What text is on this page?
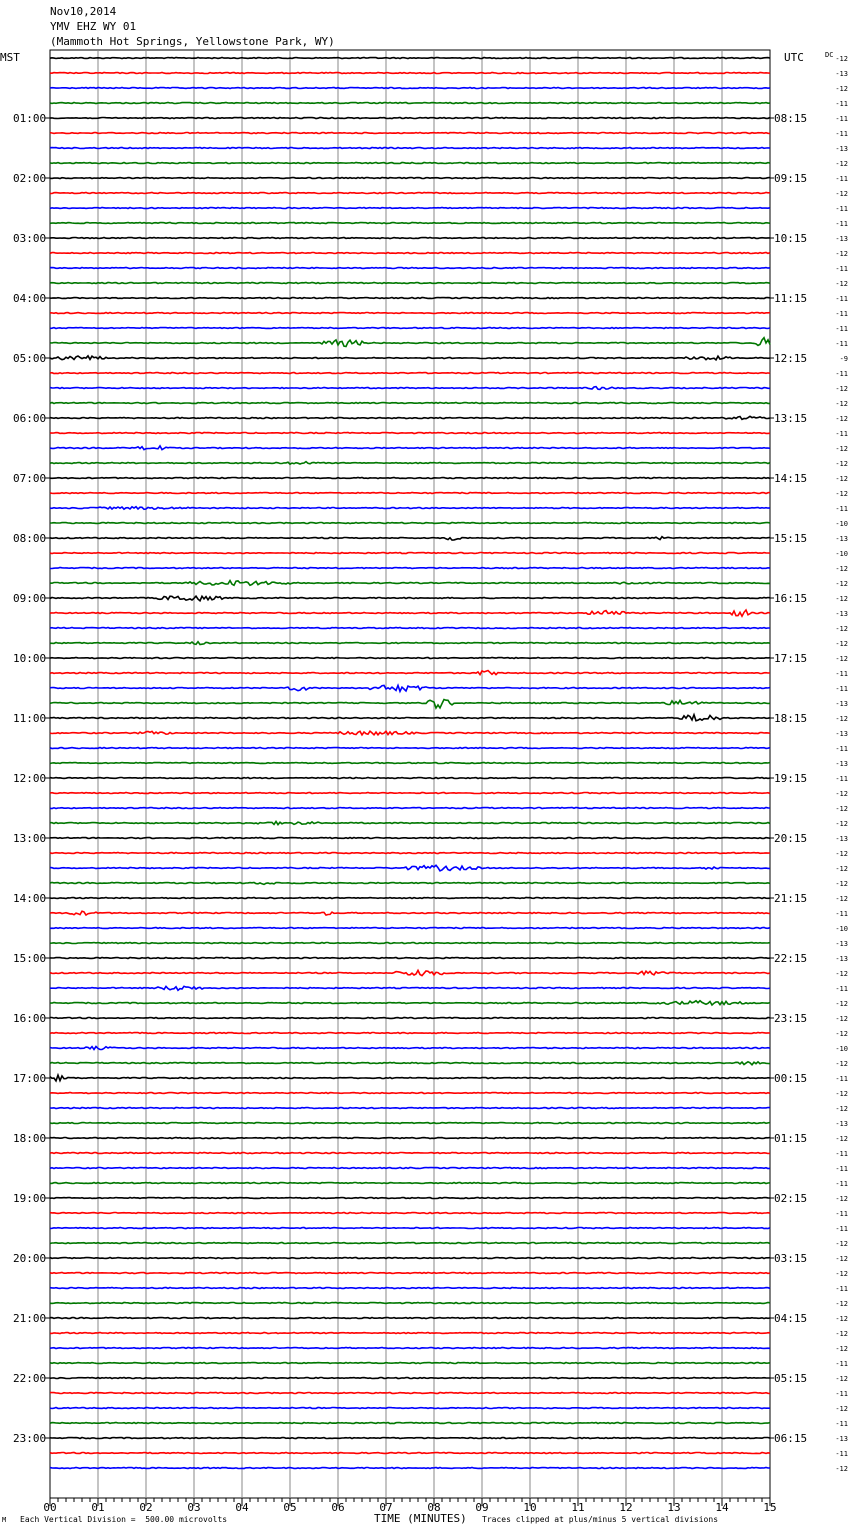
Nov10,2014
YMV EHZ WY 01
(Mammoth Hot Springs, Yellowstone Park, WY)
01:00
02:00
03:00
04:00
05:00
06:00
07:00
08:00
09:00
10:00
11:00
12:00
13:00
14:00
15:00
16:00
17:00
18:00
19:00
20:00
21:00
22:00
23:00
08:15
09:15
10:15
11:15
12:15
13:15
14:15
15:15
16:15
17:15
18:15
19:15
20:15
21:15
22:15
23:15
00:15
01:15
02:15
03:15
04:15
05:15
06:15
-12
-13
-12
-11
-11
-11
-13
-12
-11
-12
-11
-11
-13
-12
-11
-12
-11
-11
-11
-11
-9
-11
-12
-12
-12
-11
-12
-12
-12
-12
-11
-10
-13
-10
-12
-12
-12
-13
-12
-12
-12
-11
-11
-13
-12
-13
-11
-13
-11
-12
-12
-12
-13
-12
-12
-12
-12
-11
-10
-13
-13
-12
-11
-12
-12
-12
-10
-12
-11
-12
-12
-13
-12
-11
-11
-11
-12
-11
-11
-12
-12
-12
-11
-12
-12
-12
-12
-11
-12
-11
-12
-11
-13
-11
-12
00	01	02	03	04	05	06	07	08	09	10	11	12	13	14	15
MST	UTC	DC
M Each Vertical Division =  500.00 microvolts	TIME (MINUTES) Traces clipped at plus/minus 5 vertical divisions
